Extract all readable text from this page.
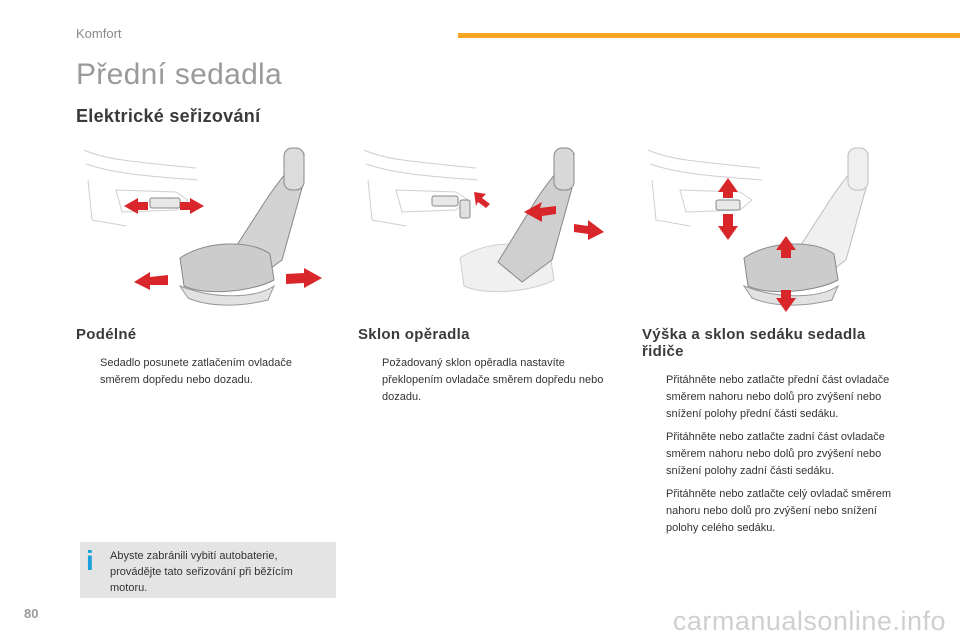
Komfort
Přední sedadla
Elektrické seřizování
Podélné
Sedadlo posunete zatlačením ovladače směrem dopředu nebo dozadu.
Sklon opěradla
Požadovaný sklon opěradla nastavíte překlopením ovladače směrem dopředu nebo dozadu.
Výška a sklon sedáku sedadla řidiče
Přitáhněte nebo zatlačte přední část ovladače směrem nahoru nebo dolů pro zvýšení nebo snížení polohy přední části sedáku.
Přitáhněte nebo zatlačte zadní část ovladače směrem nahoru nebo dolů pro zvýšení nebo snížení polohy zadní části sedáku.
Přitáhněte nebo zatlačte celý ovladač směrem nahoru nebo dolů pro zvýšení nebo snížení polohy celého sedáku.
i	Abyste zabránili vybití autobaterie, provádějte tato seřizování při běžícím motoru.
80	carmanualsonline.info
